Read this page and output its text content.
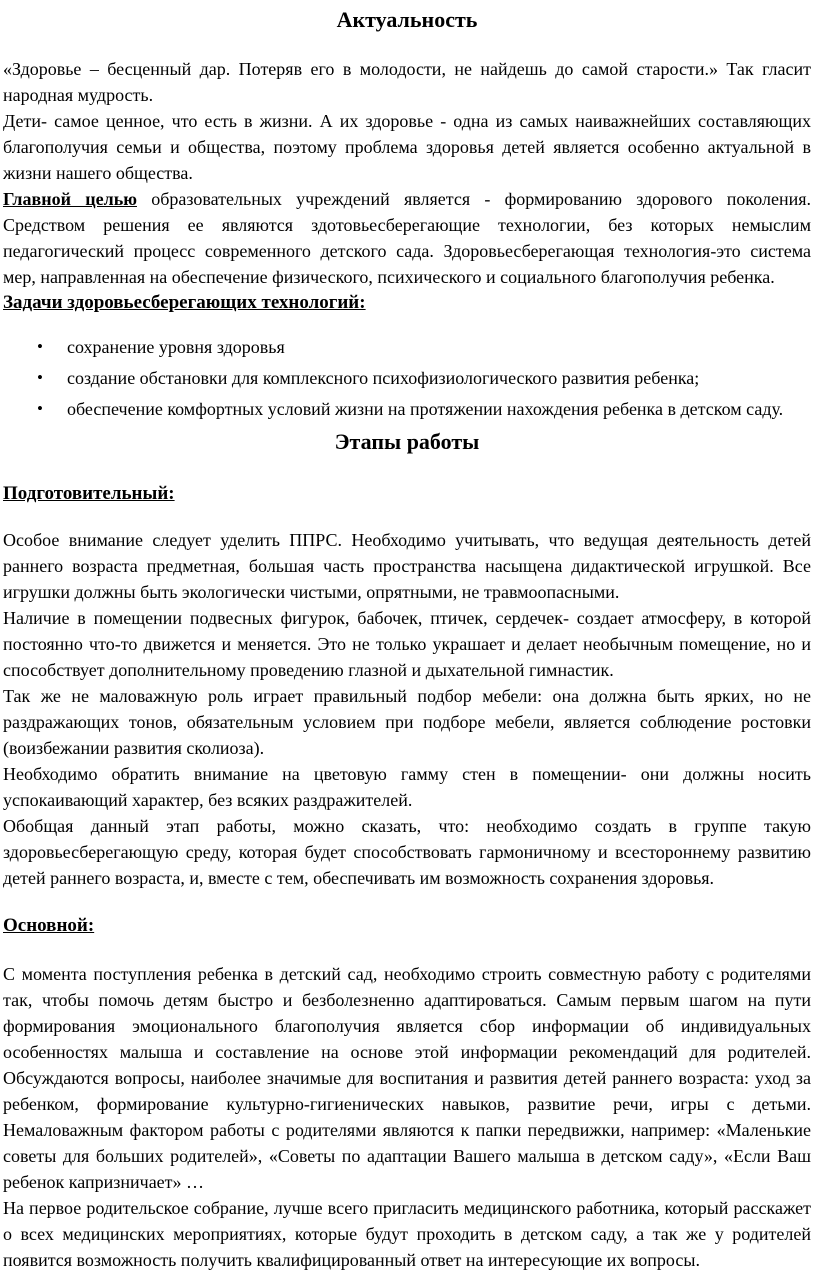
Актуальность

«Здоровье – бесценный дар. Потеряв его в молодости, не найдешь до самой старости.» Так гласит народная мудрость.

Дети- самое ценное, что есть в жизни. А их здоровье - одна из самых наиважнейших составляющих благополучия семьи и общества, поэтому проблема здоровья детей является особенно актуальной в жизни нашего общества.

Главной целью образовательных учреждений является - формированию здорового поколения. Средством решения ее являются здотовьесберегающие технологии, без которых немыслим педагогический процесс современного детского сада. Здоровьесберегающая технология-это система мер, направленная на обеспечение физического, психического и социального благополучия ребенка.

Задачи здоровьесберегающих технологий:
• сохранение уровня здоровья
• создание обстановки для комплексного психофизиологического развития ребенка;
• обеспечение комфортных условий жизни на протяжении нахождения ребенка в детском саду.
Этапы работы
Подготовительный:

Особое внимание следует уделить ППРС. Необходимо учитывать, что ведущая деятельность детей раннего возраста предметная, большая часть пространства насыщена дидактической игрушкой. Все игрушки должны быть экологически чистыми, опрятными, не травмоопасными.

Наличие в помещении подвесных фигурок, бабочек, птичек, сердечек- создает атмосферу, в которой постоянно что-то движется и меняется. Это не только украшает и делает необычным помещение, но и способствует дополнительному проведению глазной и дыхательной гимнастик.

Так же не маловажную роль играет правильный подбор мебели: она должна быть ярких, но не раздражающих тонов, обязательным условием при подборе мебели, является соблюдение ростовки (воизбежании развития сколиоза).

Необходимо обратить внимание на цветовую гамму стен в помещении- они должны носить успокаивающий характер, без всяких раздражителей.

Обобщая данный этап работы, можно сказать, что: необходимо создать в группе такую здоровьесберегающую среду, которая будет способствовать гармоничному и всестороннему развитию детей раннего возраста, и, вместе с тем, обеспечивать им возможность сохранения здоровья.

Основной:

С момента поступления ребенка в детский сад, необходимо строить совместную работу с родителями так, чтобы помочь детям быстро и безболезненно адаптироваться. Самым первым шагом на пути формирования эмоционального благополучия является сбор информации об индивидуальных особенностях малыша и составление на основе этой информации рекомендаций для родителей. Обсуждаются вопросы, наиболее значимые для воспитания и развития детей раннего возраста: уход за ребенком, формирование культурно-гигиенических навыков, развитие речи, игры с детьми. Немаловажным фактором работы с родителями являются к папки передвижки, например: «Маленькие советы для больших родителей», «Советы по адаптации Вашего малыша в детском саду», «Если Ваш ребенок капризничает» …

На первое родительское собрание, лучше всего пригласить медицинского работника, который расскажет о всех медицинских мероприятиях, которые будут проходить в детском саду, а так же у родителей появится возможность получить квалифицированный ответ на интересующие их вопросы.
